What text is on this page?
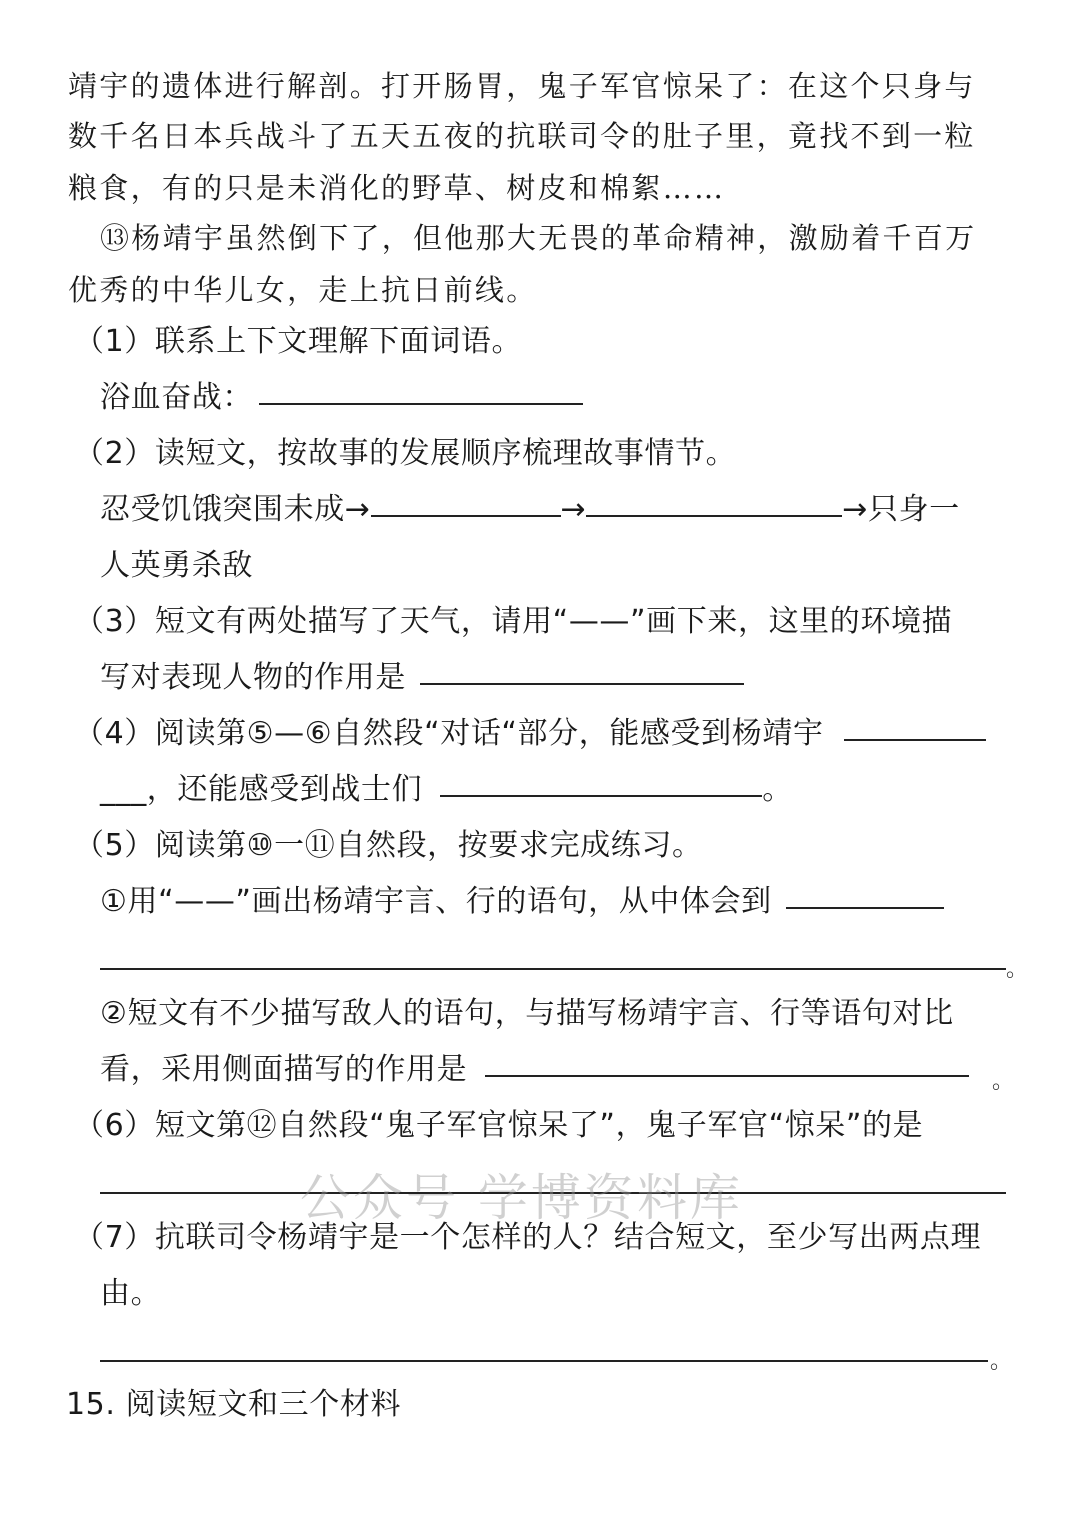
靖宇的遗体进行解剖。打开肠胃，鬼子军官惊呆了：在这个只身与
数千名日本兵战斗了五天五夜的抗联司令的肚子里，竟找不到一粒
粮食，有的只是未消化的野草、树皮和棉絮……
⑬杨靖宇虽然倒下了，但他那大无畏的革命精神，激励着千百万
优秀的中华儿女，走上抗日前线。
（1）联系上下文理解下面词语。
浴血奋战：
（2）读短文，按故事的发展顺序梳理故事情节。
忍受饥饿突围未成→	→	→只身一
人英勇杀敌
（3）短文有两处描写了天气，请用“——”画下来，这里的环境描
写对表现人物的作用是
（4）阅读第⑤—⑥自然段“对话“部分，能感受到杨靖宇
___，还能感受到战士们	。
（5）阅读第⑩一⑪自然段，按要求完成练习。
①用“——”画出杨靖宇言、行的语句，从中体会到
。
②短文有不少描写敌人的语句，与描写杨靖宇言、行等语句对比
看，采用侧面描写的作用是	。
（6）短文第⑫自然段“鬼子军官惊呆了”，鬼子军官“惊呆”的是
（7）抗联司令杨靖宇是一个怎样的人？结合短文，至少写出两点理
由。
。
15. 阅读短文和三个材料
公众号 学博资料库
